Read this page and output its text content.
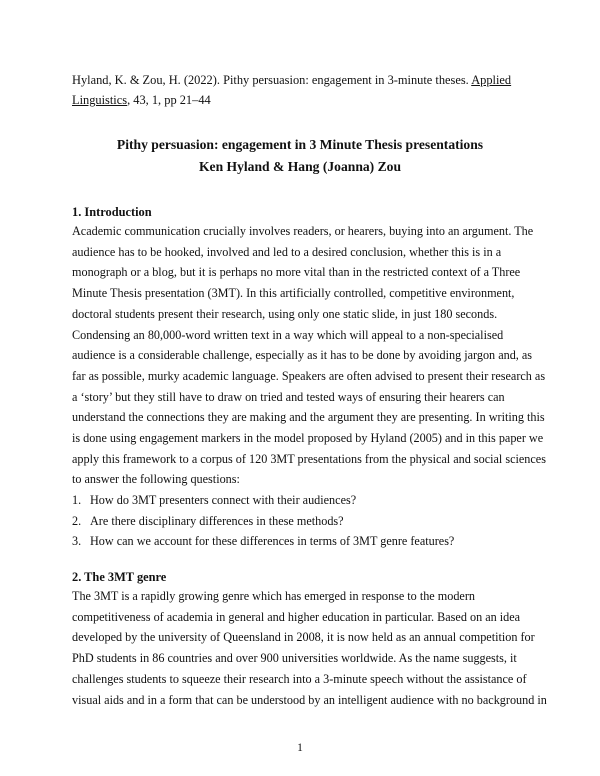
Hyland, K. & Zou, H. (2022). Pithy persuasion: engagement in 3-minute theses. Applied
Linguistics, 43, 1, pp 21–44
Pithy persuasion: engagement in 3 Minute Thesis presentations
Ken Hyland & Hang (Joanna) Zou
1. Introduction
Academic communication crucially involves readers, or hearers, buying into an argument. The
audience has to be hooked, involved and led to a desired conclusion, whether this is in a
monograph or a blog, but it is perhaps no more vital than in the restricted context of a Three
Minute Thesis presentation (3MT). In this artificially controlled, competitive environment,
doctoral students present their research, using only one static slide, in just 180 seconds.
Condensing an 80,000-word written text in a way which will appeal to a non-specialised
audience is a considerable challenge, especially as it has to be done by avoiding jargon and, as
far as possible, murky academic language. Speakers are often advised to present their research as
a ‘story’ but they still have to draw on tried and tested ways of ensuring their hearers can
understand the connections they are making and the argument they are presenting. In writing this
is done using engagement markers in the model proposed by Hyland (2005) and in this paper we
apply this framework to a corpus of 120 3MT presentations from the physical and social sciences
to answer the following questions:
1. How do 3MT presenters connect with their audiences?
2. Are there disciplinary differences in these methods?
3. How can we account for these differences in terms of 3MT genre features?
2. The 3MT genre
The 3MT is a rapidly growing genre which has emerged in response to the modern
competitiveness of academia in general and higher education in particular. Based on an idea
developed by the university of Queensland in 2008, it is now held as an annual competition for
PhD students in 86 countries and over 900 universities worldwide. As the name suggests, it
challenges students to squeeze their research into a 3-minute speech without the assistance of
visual aids and in a form that can be understood by an intelligent audience with no background in
1
